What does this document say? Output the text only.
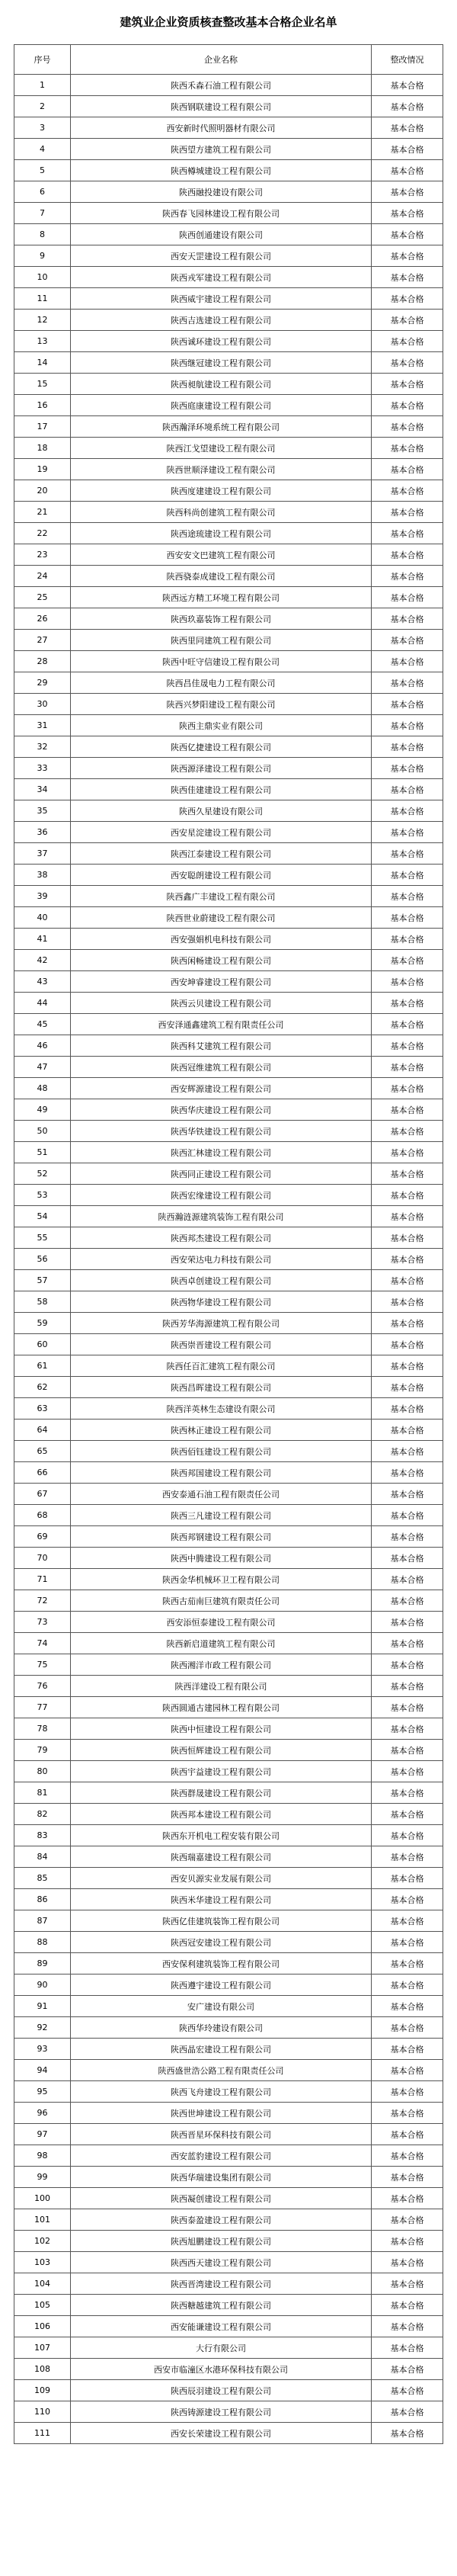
建筑业企业资质核查整改基本合格企业名单
序号	企业名称	整改情况
1	陕西禾森石油工程有限公司	基本合格
2	陕西钢联建设工程有限公司	基本合格
3	西安新时代照明器材有限公司	基本合格
4	陕西望方建筑工程有限公司	基本合格
5	陕西樽城建设工程有限公司	基本合格
6	陕西融投建设有限公司	基本合格
7	陕西春飞园林建设工程有限公司	基本合格
8	陕西创通建设有限公司	基本合格
9	西安天罡建设工程有限公司	基本合格
10	陕西戎军建设工程有限公司	基本合格
11	陕西威宇建设工程有限公司	基本合格
12	陕西吉选建设工程有限公司	基本合格
13	陕西诚环建设工程有限公司	基本合格
14	陕西继冠建设工程有限公司	基本合格
15	陕西昶航建设工程有限公司	基本合格
16	陕西庭康建设工程有限公司	基本合格
17	陕西瀚泽环境系统工程有限公司	基本合格
18	陕西江戈望建设工程有限公司	基本合格
19	陕西世顺泽建设工程有限公司	基本合格
20	陕西度建建设工程有限公司	基本合格
21	陕西科尚创建筑工程有限公司	基本合格
22	陕西途琉建设工程有限公司	基本合格
23	西安安文巴建筑工程有限公司	基本合格
24	陕西骁泰成建设工程有限公司	基本合格
25	陕西远方精工环境工程有限公司	基本合格
26	陕西玖嘉装饰工程有限公司	基本合格
27	陕西里同建筑工程有限公司	基本合格
28	陕西中旺守信建设工程有限公司	基本合格
29	陕西昌佳晟电力工程有限公司	基本合格
30	陕西兴梦阳建设工程有限公司	基本合格
31	陕西主鼎实业有限公司	基本合格
32	陕西亿捷建设工程有限公司	基本合格
33	陕西源泽建设工程有限公司	基本合格
34	陕西佳建建设工程有限公司	基本合格
35	陕西久星建设有限公司	基本合格
36	西安星淀建设工程有限公司	基本合格
37	陕西江泰建设工程有限公司	基本合格
38	西安聪朗建设工程有限公司	基本合格
39	陕西鑫广丰建设工程有限公司	基本合格
40	陕西世业蔚建设工程有限公司	基本合格
41	西安强娟机电科技有限公司	基本合格
42	陕西闲畅建设工程有限公司	基本合格
43	西安坤睿建设工程有限公司	基本合格
44	陕西云贝建设工程有限公司	基本合格
45	西安泽通鑫建筑工程有限责任公司	基本合格
46	陕西科艾建筑工程有限公司	基本合格
47	陕西冠维建筑工程有限公司	基本合格
48	西安辉源建设工程有限公司	基本合格
49	陕西华庆建设工程有限公司	基本合格
50	陕西华铁建设工程有限公司	基本合格
51	陕西汇林建设工程有限公司	基本合格
52	陕西同正建设工程有限公司	基本合格
53	陕西宏缘建设工程有限公司	基本合格
54	陕西瀚涟源建筑装饰工程有限公司	基本合格
55	陕西邦杰建设工程有限公司	基本合格
56	西安荣达电力科技有限公司	基本合格
57	陕西卓创建设工程有限公司	基本合格
58	陕西物华建设工程有限公司	基本合格
59	陕西芳华海源建筑工程有限公司	基本合格
60	陕西崇晋建设工程有限公司	基本合格
61	陕西任百汇建筑工程有限公司	基本合格
62	陕西昌晖建设工程有限公司	基本合格
63	陕西洋英林生态建设有限公司	基本合格
64	陕西林正建设工程有限公司	基本合格
65	陕西佰钰建设工程有限公司	基本合格
66	陕西邦国建设工程有限公司	基本合格
67	西安泰通石油工程有限责任公司	基本合格
68	陕西三凡建设工程有限公司	基本合格
69	陕西邦钢建设工程有限公司	基本合格
70	陕西中腾建设工程有限公司	基本合格
71	陕西金华机械环卫工程有限公司	基本合格
72	陕西古茄南巨建筑有限责任公司	基本合格
73	西安添恒泰建设工程有限公司	基本合格
74	陕西新启道建筑工程有限公司	基本合格
75	陕西湘洋市政工程有限公司	基本合格
76	陕西洋建设工程有限公司	基本合格
77	陕西圆通古建园林工程有限公司	基本合格
78	陕西中恒建设工程有限公司	基本合格
79	陕西恒辉建设工程有限公司	基本合格
80	陕西宇益建设工程有限公司	基本合格
81	陕西群晟建设工程有限公司	基本合格
82	陕西邦本建设工程有限公司	基本合格
83	陕西东开机电工程安装有限公司	基本合格
84	陕西瑞嘉建设工程有限公司	基本合格
85	西安贝源实业发展有限公司	基本合格
86	陕西米华建设工程有限公司	基本合格
87	陕西亿佳建筑装饰工程有限公司	基本合格
88	陕西冠安建设工程有限公司	基本合格
89	西安保利建筑装饰工程有限公司	基本合格
90	陕西遵宇建设工程有限公司	基本合格
91	安广建设有限公司	基本合格
92	陕西华玲建设有限公司	基本合格
93	陕西晶宏建设工程有限公司	基本合格
94	陕西盛世浩公路工程有限责任公司	基本合格
95	陕西飞舟建设工程有限公司	基本合格
96	陕西世坤建设工程有限公司	基本合格
97	陕西晋星环保科技有限公司	基本合格
98	西安蓝豹建设工程有限公司	基本合格
99	陕西华瑞建设集团有限公司	基本合格
100	陕西凝创建设工程有限公司	基本合格
101	陕西泰盈建设工程有限公司	基本合格
102	陕西旭鹏建设工程有限公司	基本合格
103	陕西西天建设工程有限公司	基本合格
104	陕西晋湾建设工程有限公司	基本合格
105	陕西糖越建筑工程有限公司	基本合格
106	西安能谦建设工程有限公司	基本合格
107	大行有限公司	基本合格
108	西安市临潼区水港环保科技有限公司	基本合格
109	陕西辰羽建设工程有限公司	基本合格
110	陕西铸源建设工程有限公司	基本合格
111	西安长荣建设工程有限公司	基本合格
